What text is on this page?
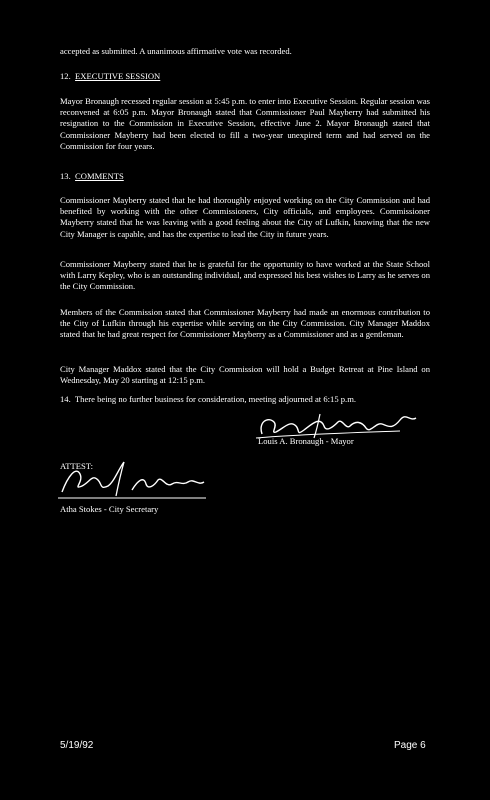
accepted as submitted. A unanimous affirmative vote was recorded.
12. EXECUTIVE SESSION
Mayor Bronaugh recessed regular session at 5:45 p.m. to enter into Executive Session. Regular session was reconvened at 6:05 p.m. Mayor Bronaugh stated that Commissioner Paul Mayberry had submitted his resignation to the Commission in Executive Session, effective June 2. Mayor Bronaugh stated that Commissioner Mayberry had been elected to fill a two-year unexpired term and had served on the Commission for four years.
13. COMMENTS
Commissioner Mayberry stated that he had thoroughly enjoyed working on the City Commission and had benefited by working with the other Commissioners, City officials, and employees. Commissioner Mayberry stated that he was leaving with a good feeling about the City of Lufkin, knowing that the new City Manager is capable, and has the expertise to lead the City in future years.
Commissioner Mayberry stated that he is grateful for the opportunity to have worked at the State School with Larry Kepley, who is an outstanding individual, and expressed his best wishes to Larry as he serves on the City Commission.
Members of the Commission stated that Commissioner Mayberry had made an enormous contribution to the City of Lufkin through his expertise while serving on the City Commission. City Manager Maddox stated that he had great respect for Commissioner Mayberry as a Commissioner and as a gentleman.
City Manager Maddox stated that the City Commission will hold a Budget Retreat at Pine Island on Wednesday, May 20 starting at 12:15 p.m.
14. There being no further business for consideration, meeting adjourned at 6:15 p.m.
Louis A. Bronaugh - Mayor
ATTEST:
Atha Stokes - City Secretary
5/19/92	Page 6
